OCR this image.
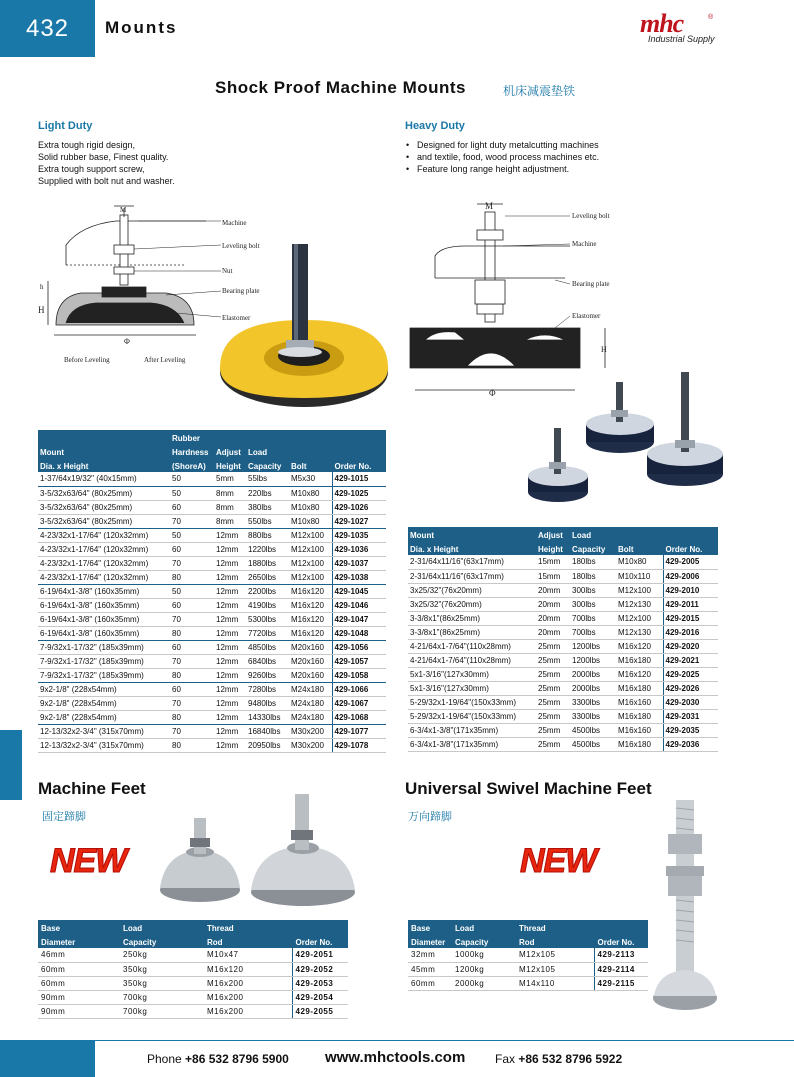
432	Mounts	mhc	®
Industrial Supply
Shock Proof Machine Mounts	机床减震垫铁
Light Duty
Extra tough rigid design,
Solid rubber base, Finest quality.
Extra tough support screw,
Supplied with bolt nut and washer.
Heavy Duty
• Designed for light duty metalcutting machines
• and textile, food, wood process machines etc.
• Feature long range height adjustment.
M
h
H
Φ
Machine
Leveling bolt
Nut
Bearing plate
Elastomer
Before Leveling	After Leveling
M
Leveling bolt
Machine
Bearing plate
Elastomer
H
Φ
	Rubber				
Mount	Hardness	Adjust	Load		
Dia. x Height	(ShoreA)	Height	Capacity	Bolt	Order No.
1-37/64x19/32" (40x15mm)	50	5mm	55lbs	M5x30	429-1015
3-5/32x63/64" (80x25mm)	50	8mm	220lbs	M10x80	429-1025
3-5/32x63/64" (80x25mm)	60	8mm	380lbs	M10x80	429-1026
3-5/32x63/64" (80x25mm)	70	8mm	550lbs	M10x80	429-1027
4-23/32x1-17/64" (120x32mm)	50	12mm	880lbs	M12x100	429-1035
4-23/32x1-17/64" (120x32mm)	60	12mm	1220lbs	M12x100	429-1036
4-23/32x1-17/64" (120x32mm)	70	12mm	1880lbs	M12x100	429-1037
4-23/32x1-17/64" (120x32mm)	80	12mm	2650lbs	M12x100	429-1038
6-19/64x1-3/8" (160x35mm)	50	12mm	2200lbs	M16x120	429-1045
6-19/64x1-3/8" (160x35mm)	60	12mm	4190lbs	M16x120	429-1046
6-19/64x1-3/8" (160x35mm)	70	12mm	5300lbs	M16x120	429-1047
6-19/64x1-3/8" (160x35mm)	80	12mm	7720lbs	M16x120	429-1048
7-9/32x1-17/32" (185x39mm)	60	12mm	4850lbs	M20x160	429-1056
7-9/32x1-17/32" (185x39mm)	70	12mm	6840lbs	M20x160	429-1057
7-9/32x1-17/32" (185x39mm)	80	12mm	9260lbs	M20x160	429-1058
9x2-1/8" (228x54mm)	60	12mm	7280lbs	M24x180	429-1066
9x2-1/8" (228x54mm)	70	12mm	9480lbs	M24x180	429-1067
9x2-1/8" (228x54mm)	80	12mm	14330lbs	M24x180	429-1068
12-13/32x2-3/4" (315x70mm)	70	12mm	16840lbs	M30x200	429-1077
12-13/32x2-3/4" (315x70mm)	80	12mm	20950lbs	M30x200	429-1078
Mount	Adjust	Load		
Dia. x Height	Height	Capacity	Bolt	Order No.
2-31/64x11/16"(63x17mm)	15mm	180lbs	M10x80	429-2005
2-31/64x11/16"(63x17mm)	15mm	180lbs	M10x110	429-2006
3x25/32"(76x20mm)	20mm	300lbs	M12x100	429-2010
3x25/32"(76x20mm)	20mm	300lbs	M12x130	429-2011
3-3/8x1"(86x25mm)	20mm	700lbs	M12x100	429-2015
3-3/8x1"(86x25mm)	20mm	700lbs	M12x130	429-2016
4-21/64x1-7/64"(110x28mm)	25mm	1200lbs	M16x120	429-2020
4-21/64x1-7/64"(110x28mm)	25mm	1200lbs	M16x180	429-2021
5x1-3/16"(127x30mm)	25mm	2000lbs	M16x120	429-2025
5x1-3/16"(127x30mm)	25mm	2000lbs	M16x180	429-2026
5-29/32x1-19/64"(150x33mm)	25mm	3300lbs	M16x160	429-2030
5-29/32x1-19/64"(150x33mm)	25mm	3300lbs	M16x180	429-2031
6-3/4x1-3/8"(171x35mm)	25mm	4500lbs	M16x160	429-2035
6-3/4x1-3/8"(171x35mm)	25mm	4500lbs	M16x180	429-2036
Machine Feet
固定蹄脚
NEW
Base	Load	Thread	
Diameter	Capacity	Rod	Order No.
46mm	250kg	M10x47	429-2051
60mm	350kg	M16x120	429-2052
60mm	350kg	M16x200	429-2053
90mm	700kg	M16x200	429-2054
90mm	700kg	M16x200	429-2055
Universal Swivel Machine Feet
万向蹄脚
NEW
Base	Load	Thread	
Diameter	Capacity	Rod	Order No.
32mm	1000kg	M12x105	429-2113
45mm	1200kg	M12x105	429-2114
60mm	2000kg	M14x110	429-2115
Phone +86 532 8796 5900 www.mhctools.com Fax +86 532 8796 5922
